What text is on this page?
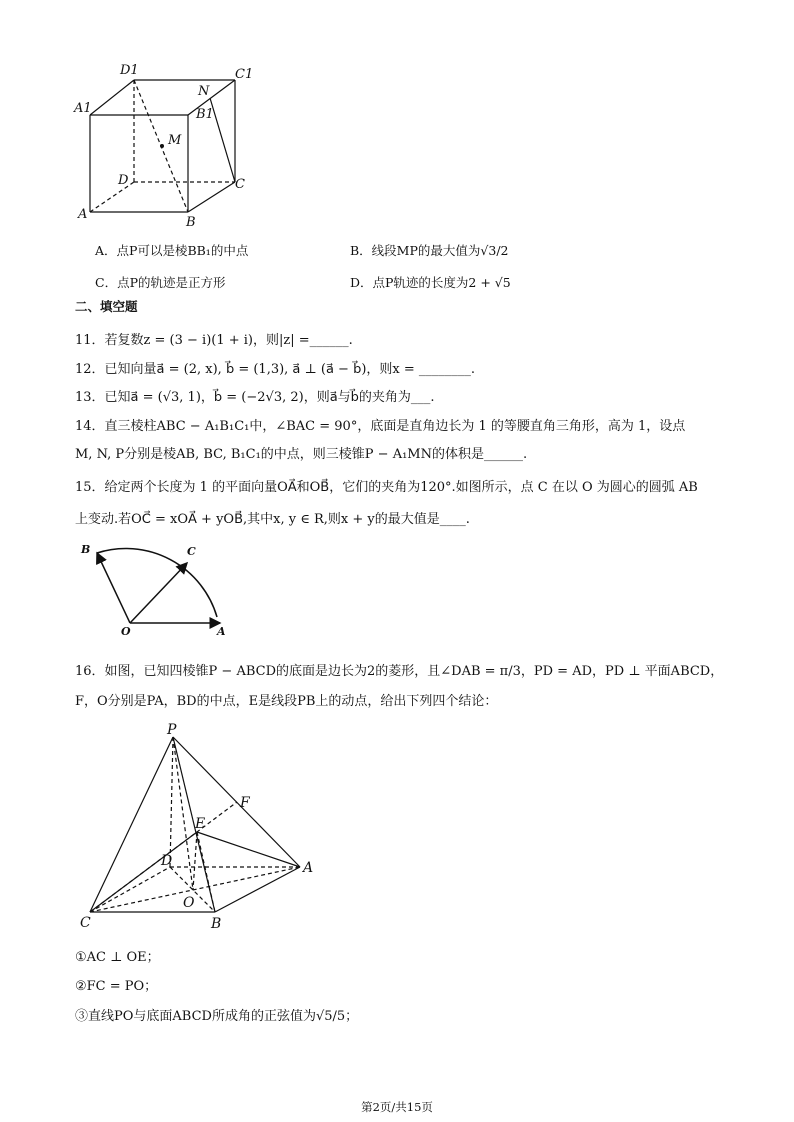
D1	C1
A1
N
B1
M
D	C
A
B
A．点P可以是棱BB₁的中点	B．线段MP的最大值为√3/2
C．点P的轨迹是正方形	D．点P轨迹的长度为2 + √5
二、填空题
11．若复数z = (3 − i)(1 + i)，则|z| =______.
12．已知向量a⃗ = (2, x), b⃗ = (1,3), a⃗ ⊥ (a⃗ − b⃗)，则x = ________.
13．已知a⃗ = (√3, 1)，b⃗ = (−2√3, 2)，则a⃗与b⃗的夹角为___.
14．直三棱柱ABC − A₁B₁C₁中，∠BAC = 90°，底面是直角边长为 1 的等腰直角三角形，高为 1，设点
M, N, P分别是棱AB, BC, B₁C₁的中点，则三棱锥P − A₁MN的体积是______.
15．给定两个长度为 1 的平面向量OA⃗和OB⃗，它们的夹角为120°.如图所示，点 C 在以 O 为圆心的圆弧 AB
上变动.若OC⃗ = xOA⃗ + yOB⃗,其中x, y ∈ R,则x + y的最大值是____.
B	C
O	A
16．如图，已知四棱锥P − ABCD的底面是边长为2的菱形，且∠DAB = π/3，PD = AD，PD ⊥ 平面ABCD，
F，O分别是PA，BD的中点，E是线段PB上的动点，给出下列四个结论：
P
F
E
D	A
O
C	B
①AC ⊥ OE；
②FC = PO；
③直线PO与底面ABCD所成角的正弦值为√5/5；
第2页/共15页
